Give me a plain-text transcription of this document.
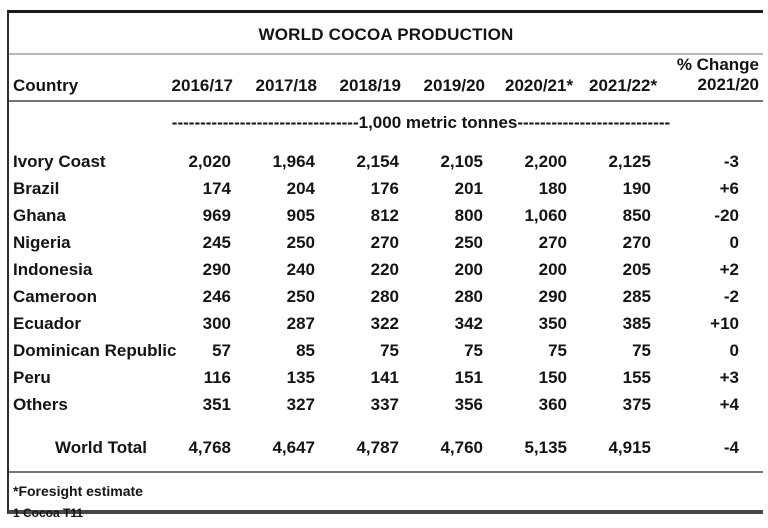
WORLD COCOA PRODUCTION
Country	2016/17	2017/18	2018/19	2019/20	2020/21*	2021/22*	% Change
2021/20

	---------------------------------1,000 metric tonnes---------------------------						
Ivory Coast	2,020	1,964	2,154	2,105	2,200	2,125	-3
Brazil	174	204	176	201	180	190	+6
Ghana	969	905	812	800	1,060	850	-20
Nigeria	245	250	270	250	270	270	0
Indonesia	290	240	220	200	200	205	+2
Cameroon	246	250	280	280	290	285	-2
Ecuador	300	287	322	342	350	385	+10
Dominican Republic	57	85	75	75	75	75	0
Peru	116	135	141	151	150	155	+3
Others	351	327	337	356	360	375	+4
World Total	4,768	4,647	4,787	4,760	5,135	4,915	-4
*Foresight estimate
1 Cocoa T11
